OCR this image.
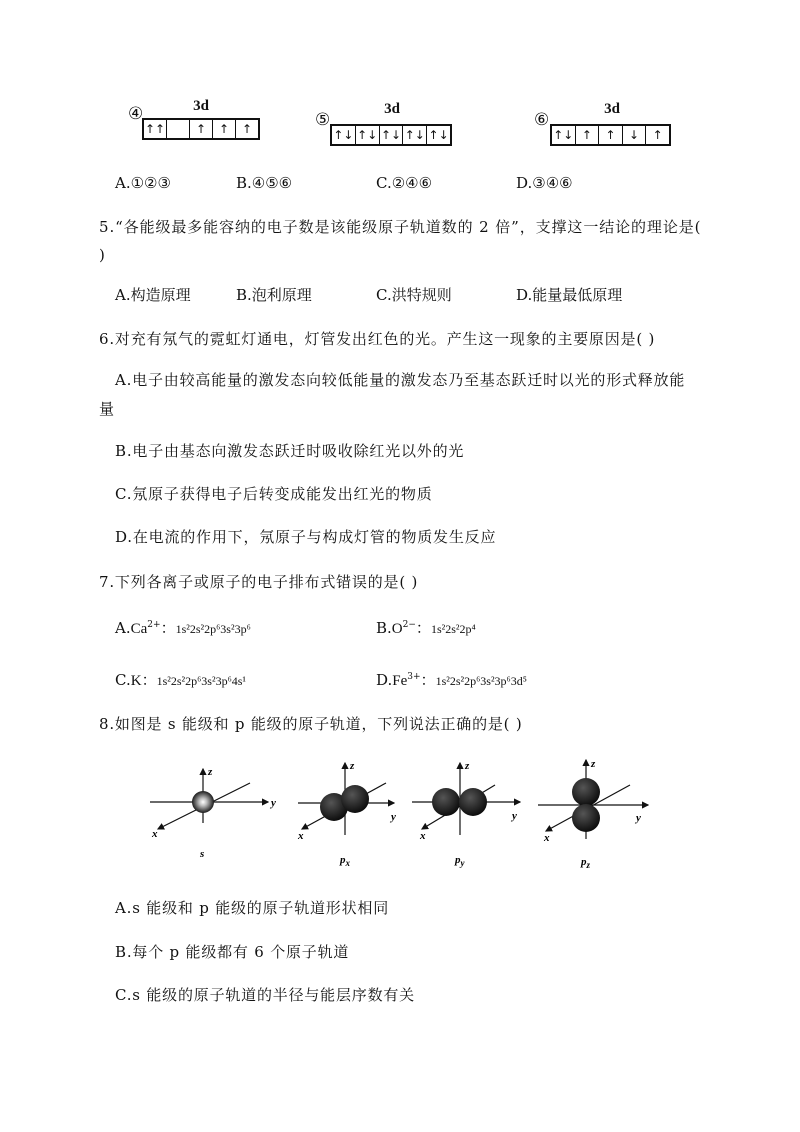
④	3d
↑↑	↑	↑	↑	⑤
3d
↑↓ ↑↓ ↑↓ ↑↓ ↑↓
⑥
3d
↑↓ ↑	↑	↓	↑
A.①②③	B.④⑤⑥	C.②④⑥	D.③④⑥
5.“各能级最多能容纳的电子数是该能级原子轨道数的 2 倍”，支撑这一结论的理论是(
)
A.构造原理	B.泡利原理	C.洪特规则	D.能量最低原理
6.对充有氖气的霓虹灯通电，灯管发出红色的光。产生这一现象的主要原因是( )
A.电子由较高能量的激发态向较低能量的激发态乃至基态跃迁时以光的形式释放能
量
B.电子由基态向激发态跃迁时吸收除红光以外的光
C.氖原子获得电子后转变成能发出红光的物质
D.在电流的作用下，氖原子与构成灯管的物质发生反应
7.下列各离子或原子的电子排布式错误的是( )
$A.Ca^{2+}$：1s²2s²2p⁶3s²3p⁶	$B.O^{2-}$：1s²2s²2p⁴
C.K：1s²2s²2p⁶3s²3p⁶4s¹	$D.Fe^{3+}$：1s²2s²2p⁶3s²3p⁶3d⁵
8.如图是 s 能级和 p 能级的原子轨道，下列说法正确的是( )
z
y
x
s
z
y
x
$p_x$
z
y
x
$p_y$
z
y
x
$p_z$
A.s 能级和 p 能级的原子轨道形状相同
B.每个 p 能级都有 6 个原子轨道
C.s 能级的原子轨道的半径与能层序数有关
